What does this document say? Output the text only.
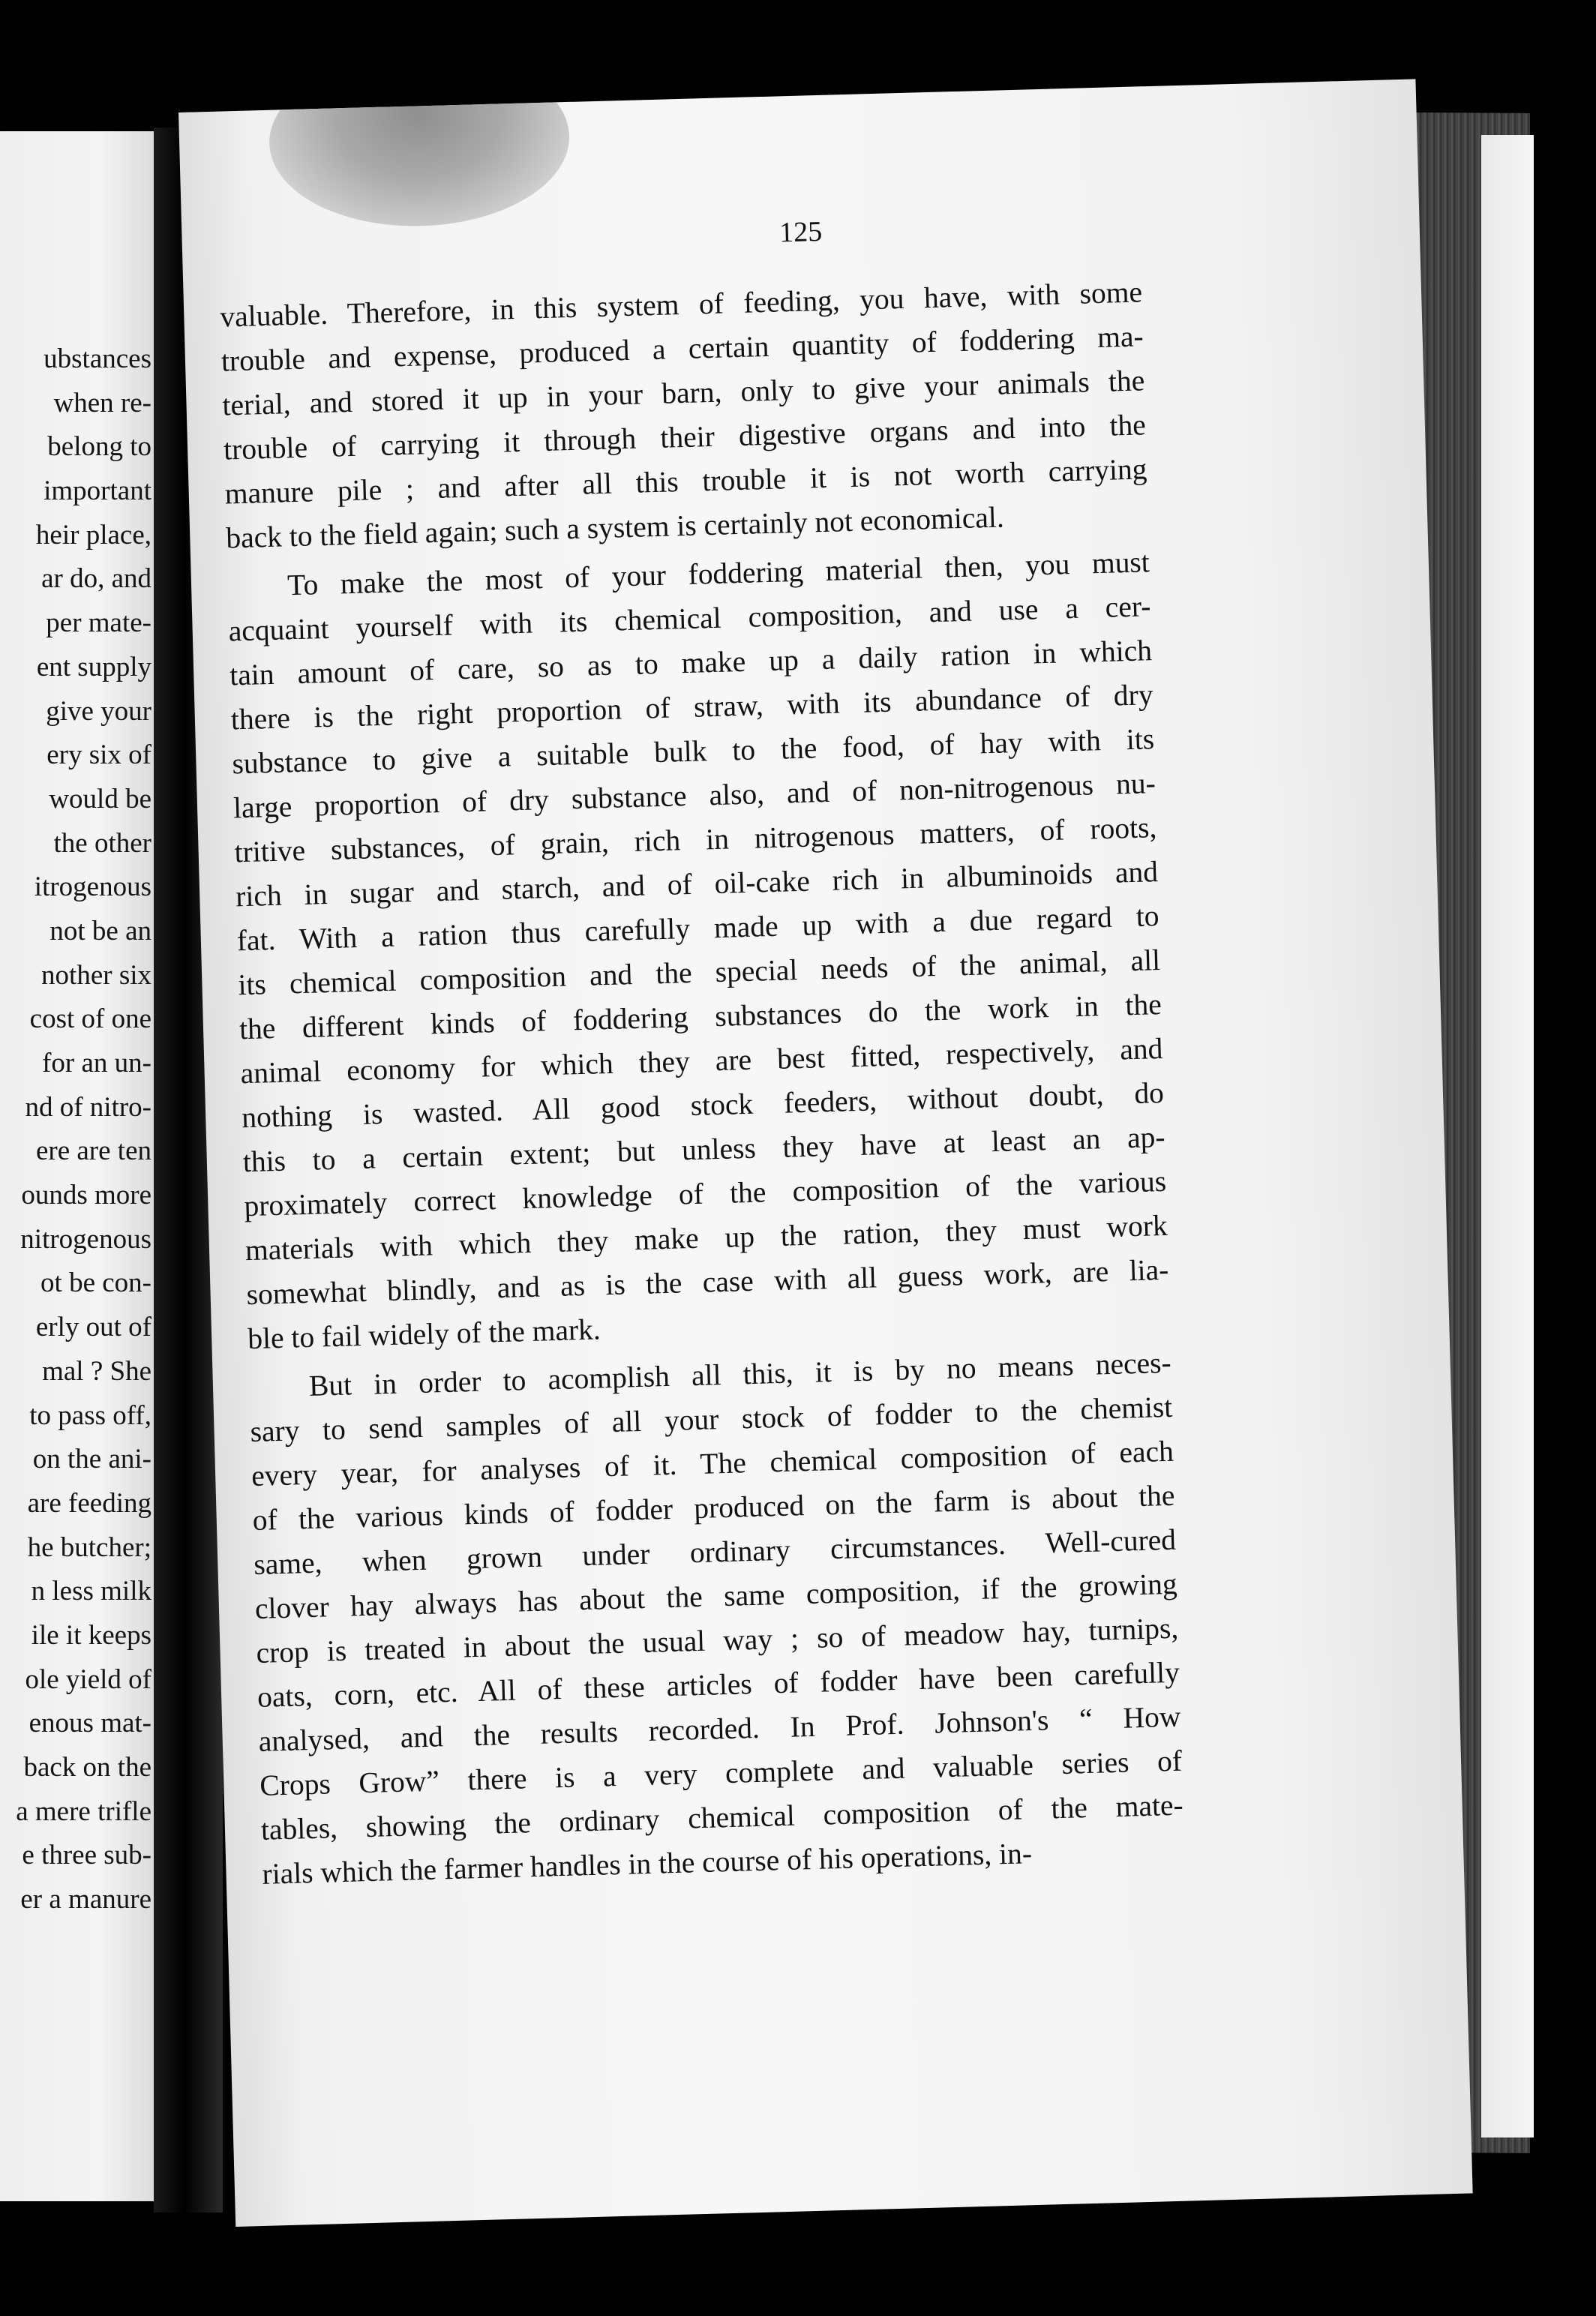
ubstances
when re-
belong to
important
heir place,
ar do, and
per mate-
ent supply
give your
ery six of
would be
the other
itrogenous
not be an
nother six
cost of one
for an un-
nd of nitro-
ere are ten
ounds more
nitrogenous
ot be con-
erly out of
mal ? She
to pass off,
on the ani-
are feeding
he butcher;
n less milk
ile it keeps
ole yield of
enous mat-
back on the
a mere trifle
e three sub-
er a manure
125
valuable. Therefore, in this system of feeding, you have, with some
trouble and expense, produced a certain quantity of foddering ma-
terial, and stored it up in your barn, only to give your animals the
trouble of carrying it through their digestive organs and into the
manure pile ; and after all this trouble it is not worth carrying
back to the field again; such a system is certainly not economical.
To make the most of your foddering material then, you must
acquaint yourself with its chemical composition, and use a cer-
tain amount of care, so as to make up a daily ration in which
there is the right proportion of straw, with its abundance of dry
substance to give a suitable bulk to the food, of hay with its
large proportion of dry substance also, and of non-nitrogenous nu-
tritive substances, of grain, rich in nitrogenous matters, of roots,
rich in sugar and starch, and of oil-cake rich in albuminoids and
fat. With a ration thus carefully made up with a due regard to
its chemical composition and the special needs of the animal, all
the different kinds of foddering substances do the work in the
animal economy for which they are best fitted, respectively, and
nothing is wasted. All good stock feeders, without doubt, do
this to a certain extent; but unless they have at least an ap-
proximately correct knowledge of the composition of the various
materials with which they make up the ration, they must work
somewhat blindly, and as is the case with all guess work, are lia-
ble to fail widely of the mark.
But in order to acomplish all this, it is by no means neces-
sary to send samples of all your stock of fodder to the chemist
every year, for analyses of it. The chemical composition of each
of the various kinds of fodder produced on the farm is about the
same, when grown under ordinary circumstances. Well-cured
clover hay always has about the same composition, if the growing
crop is treated in about the usual way ; so of meadow hay, turnips,
oats, corn, etc. All of these articles of fodder have been carefully
analysed, and the results recorded. In Prof. Johnson's “ How
Crops Grow” there is a very complete and valuable series of
tables, showing the ordinary chemical composition of the mate-
rials which the farmer handles in the course of his operations, in-
